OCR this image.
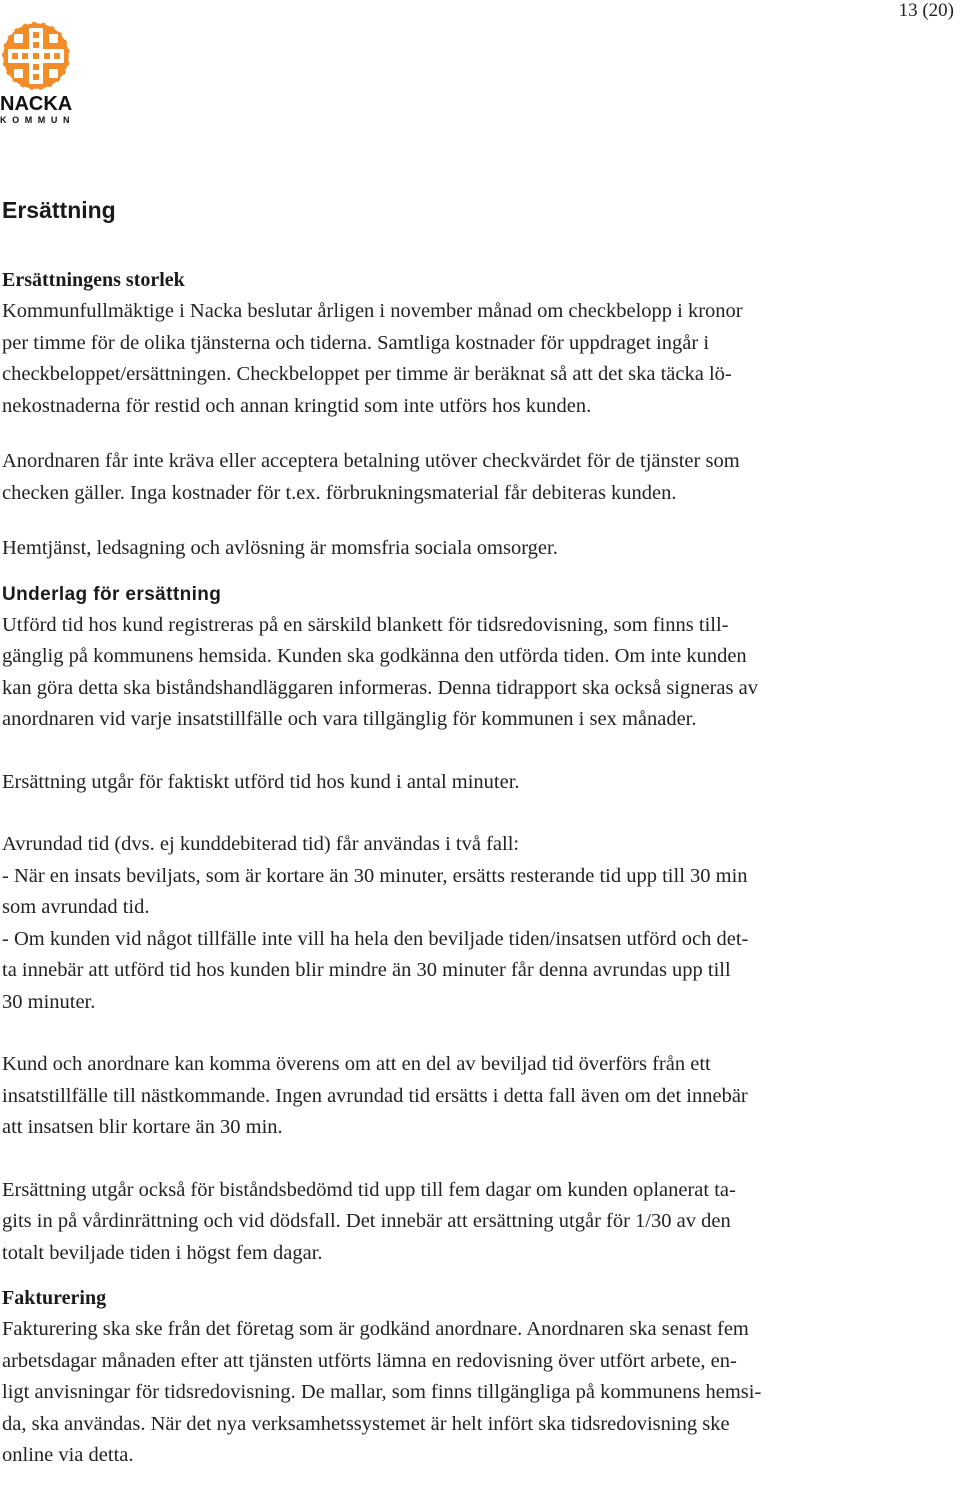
13 (20)
NACKA
KOMMUN
Ersättning
Ersättningens storlek

Kommunfullmäktige i Nacka beslutar årligen i november månad om checkbelopp i kronor
per timme för de olika tjänsterna och tiderna. Samtliga kostnader för uppdraget ingår i
checkbeloppet/ersättningen. Checkbeloppet per timme är beräknat så att det ska täcka lö-
nekostnaderna för restid och annan kringtid som inte utförs hos kunden.

Anordnaren får inte kräva eller acceptera betalning utöver checkvärdet för de tjänster som
checken gäller. Inga kostnader för t.ex. förbrukningsmaterial får debiteras kunden.

Hemtjänst, ledsagning och avlösning är momsfria sociala omsorger.

Underlag för ersättning

Utförd tid hos kund registreras på en särskild blankett för tidsredovisning, som finns till-
gänglig på kommunens hemsida. Kunden ska godkänna den utförda tiden. Om inte kunden
kan göra detta ska biståndshandläggaren informeras. Denna tidrapport ska också signeras av
anordnaren vid varje insatstillfälle och vara tillgänglig för kommunen i sex månader.

Ersättning utgår för faktiskt utförd tid hos kund i antal minuter.

Avrundad tid (dvs. ej kunddebiterad tid) får användas i två fall:
- När en insats beviljats, som är kortare än 30 minuter, ersätts resterande tid upp till 30 min
som avrundad tid.
- Om kunden vid något tillfälle inte vill ha hela den beviljade tiden/insatsen utförd och det-
ta innebär att utförd tid hos kunden blir mindre än 30 minuter får denna avrundas upp till
30 minuter.

Kund och anordnare kan komma överens om att en del av beviljad tid överförs från ett
insatstillfälle till nästkommande. Ingen avrundad tid ersätts i detta fall även om det innebär
att insatsen blir kortare än 30 min.

Ersättning utgår också för biståndsbedömd tid upp till fem dagar om kunden oplanerat ta-
gits in på vårdinrättning och vid dödsfall. Det innebär att ersättning utgår för 1/30 av den
totalt beviljade tiden i högst fem dagar.

Fakturering

Fakturering ska ske från det företag som är godkänd anordnare. Anordnaren ska senast fem
arbetsdagar månaden efter att tjänsten utförts lämna en redovisning över utfört arbete, en-
ligt anvisningar för tidsredovisning. De mallar, som finns tillgängliga på kommunens hemsi-
da, ska användas. När det nya verksamhetssystemet är helt infört ska tidsredovisning ske
online via detta.
